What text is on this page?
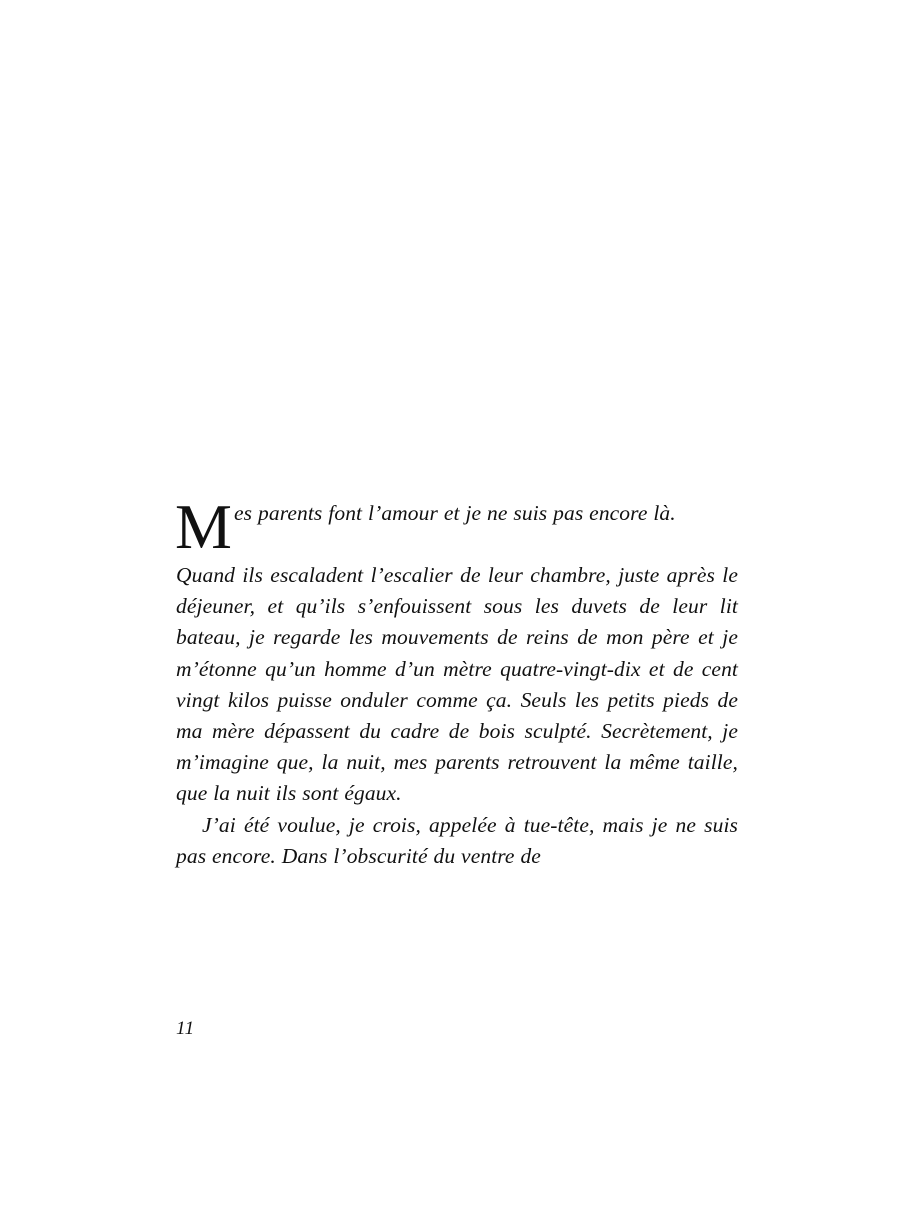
Mes parents font l’amour et je ne suis pas encore là.

Quand ils escaladent l’escalier de leur chambre, juste après le déjeuner, et qu’ils s’enfouissent sous les duvets de leur lit bateau, je regarde les mouvements de reins de mon père et je m’étonne qu’un homme d’un mètre quatre-vingt-dix et de cent vingt kilos puisse onduler comme ça. Seuls les petits pieds de ma mère dépassent du cadre de bois sculpté. Secrètement, je m’imagine que, la nuit, mes parents retrouvent la même taille, que la nuit ils sont égaux.

J’ai été voulue, je crois, appelée à tue-tête, mais je ne suis pas encore. Dans l’obscurité du ventre de

11
